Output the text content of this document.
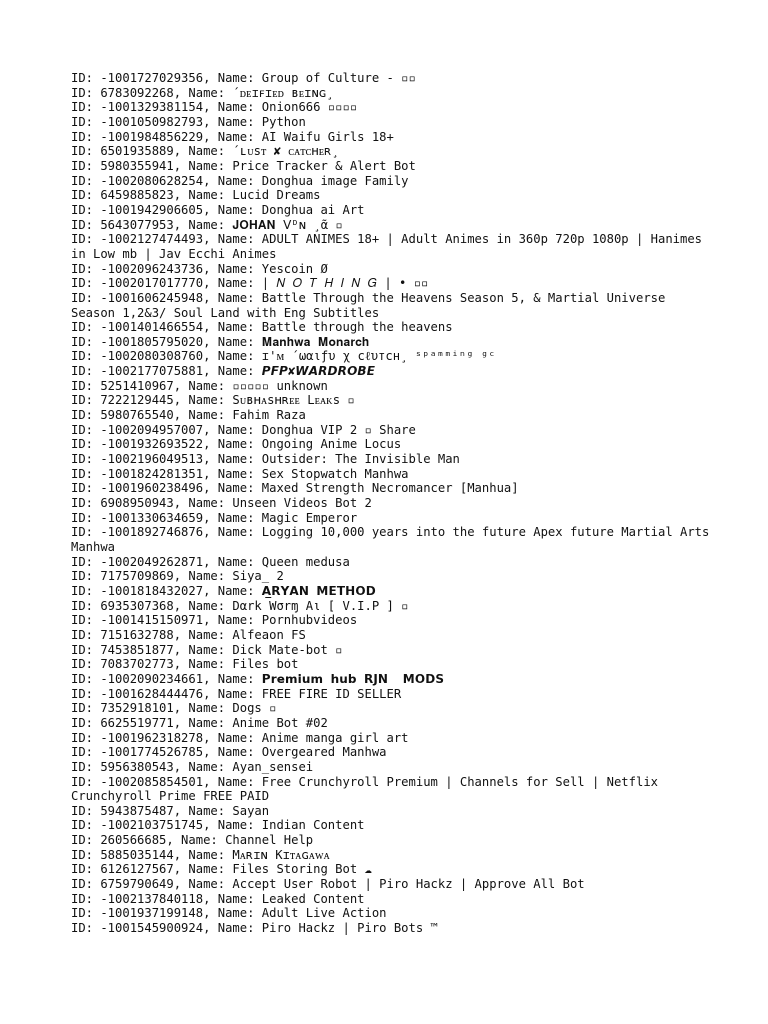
ID: -1001727029356, Name: Group of Culture - ▫▫
ID: 6783092268, Name: ´ᴅᴇɪꜰɪᴇᴅ ʙᴇɪɴɢ¸
ID: -1001329381154, Name: Onion666 ▫▫▫▫
ID: -1001050982793, Name: Python
ID: -1001984856229, Name: AI Waifu Girls 18+
ID: 6501935889, Name: ´ʟᴜsᴛ ✘ ᴄᴀᴛᴄʜᴇʀ¸
ID: 5980355941, Name: Price Tracker & Alert Bot
ID: -1002080628254, Name: Donghua image Family
ID: 6459885823, Name: Lucid Dreams
ID: -1001942906605, Name: Donghua ai Art
ID: 5643077953, Name: 𝐉𝐎𝐇𝐀𝐍 ᐯᴰɴ ¸ᾶ ▫
ID: -1002127474493, Name: ADULT ANIMES 18+ | Adult Animes in 360p 720p 1080p | Hanimes in Low mb | Jav Ecchi Animes
ID: -1002096243736, Name: Yescoin Ø
ID: -1002017017770, Name: | 𝑁 𝑂 𝑇 𝐻 𝐼 𝑁 𝐺 | • ▫▫
ID: -1001606245948, Name: Battle Through the Heavens Season 5, & Martial Universe Season 1,2&3/ Soul Land with Eng Subtitles
ID: -1001401466554, Name: Battle through the heavens
ID: -1001805795020, Name: 𝐌𝐚𝐧𝐡𝐰𝐚 𝐌𝐨𝐧𝐚𝐫𝐜𝐡
ID: -1002080308760, Name: ɪ'ᴍ ´ωαιƒυ χ cℓυтcн¸ ˢᵖᵃᵐᵐⁱⁿᵍ ᵍᶜ
ID: -1002177075881, Name: 𝙋𝙁𝙋✘𝙒𝘼𝙍𝘿𝙍𝙊𝘽𝙀
ID: 5251410967, Name: ▫▫▫▫▫ unknown
ID: 7222129445, Name: Sᴜʙʜᴀsʜʀᴇᴇ Lᴇᴀᴋs ▫
ID: 5980765540, Name: Fahim Raza
ID: -1002094957007, Name: Donghua VIP 2 ▫ Share
ID: -1001932693522, Name: Ongoing Anime Locus
ID: -1002196049513, Name: Outsider: The Invisible Man
ID: -1001824281351, Name: Sex Stopwatch Manhwa
ID: -1001960238496, Name: Maxed Strength Necromancer [Manhua]
ID: 6908950943, Name: Unseen Videos Bot 2
ID: -1001330634659, Name: Magic Emperor
ID: -1001892746876, Name: Logging 10,000 years into the future Apex future Martial Arts Manhwa
ID: -1002049262871, Name: Queen medusa
ID: 7175709869, Name: Siya̲ 2
ID: -1001818432027, Name: 𝗔̲𝗥𝗬𝗔𝗡 𝗠𝗘𝗧𝗛𝗢𝗗
ID: 6935307368, Name: Dαrk Wσrɱ Aι [ V.I.P ] ▫
ID: -1001415150971, Name: Pornhubvideos
ID: 7151632788, Name: Alfeaon FS
ID: 7453851877, Name: Dick Mate-bot ▫
ID: 7083702773, Name: Files bot
ID: -1002090234661, Name: 𝗣𝗿𝗲𝗺𝗶𝘂𝗺 𝗵𝘂𝗯 𝗥𝗝𝗡  𝗠𝗢𝗗𝗦
ID: -1001628444476, Name: FREE FIRE ID SELLER
ID: 7352918101, Name: Dogs ▫
ID: 6625519771, Name: Anime Bot #02
ID: -1001962318278, Name: Anime manga girl art
ID: -1001774526785, Name: Overgeared Manhwa
ID: 5956380543, Name: Ayan_sensei
ID: -1002085854501, Name: Free Crunchyroll Premium | Channels for Sell | Netflix Crunchyroll Prime FREE PAID
ID: 5943875487, Name: Sayan
ID: -1002103751745, Name: Indian Content
ID: 260566685, Name: Channel Help
ID: 5885035144, Name: Mᴀʀɪɴ Kɪᴛᴀɢᴀᴡᴀ
ID: 6126127567, Name: Files Storing Bot ☁
ID: 6759790649, Name: Accept User Robot | Piro Hackz | Approve All Bot
ID: -1002137840118, Name: Leaked Content
ID: -1001937199148, Name: Adult Live Action
ID: -1001545900924, Name: Piro Hackz | Piro Bots ™
